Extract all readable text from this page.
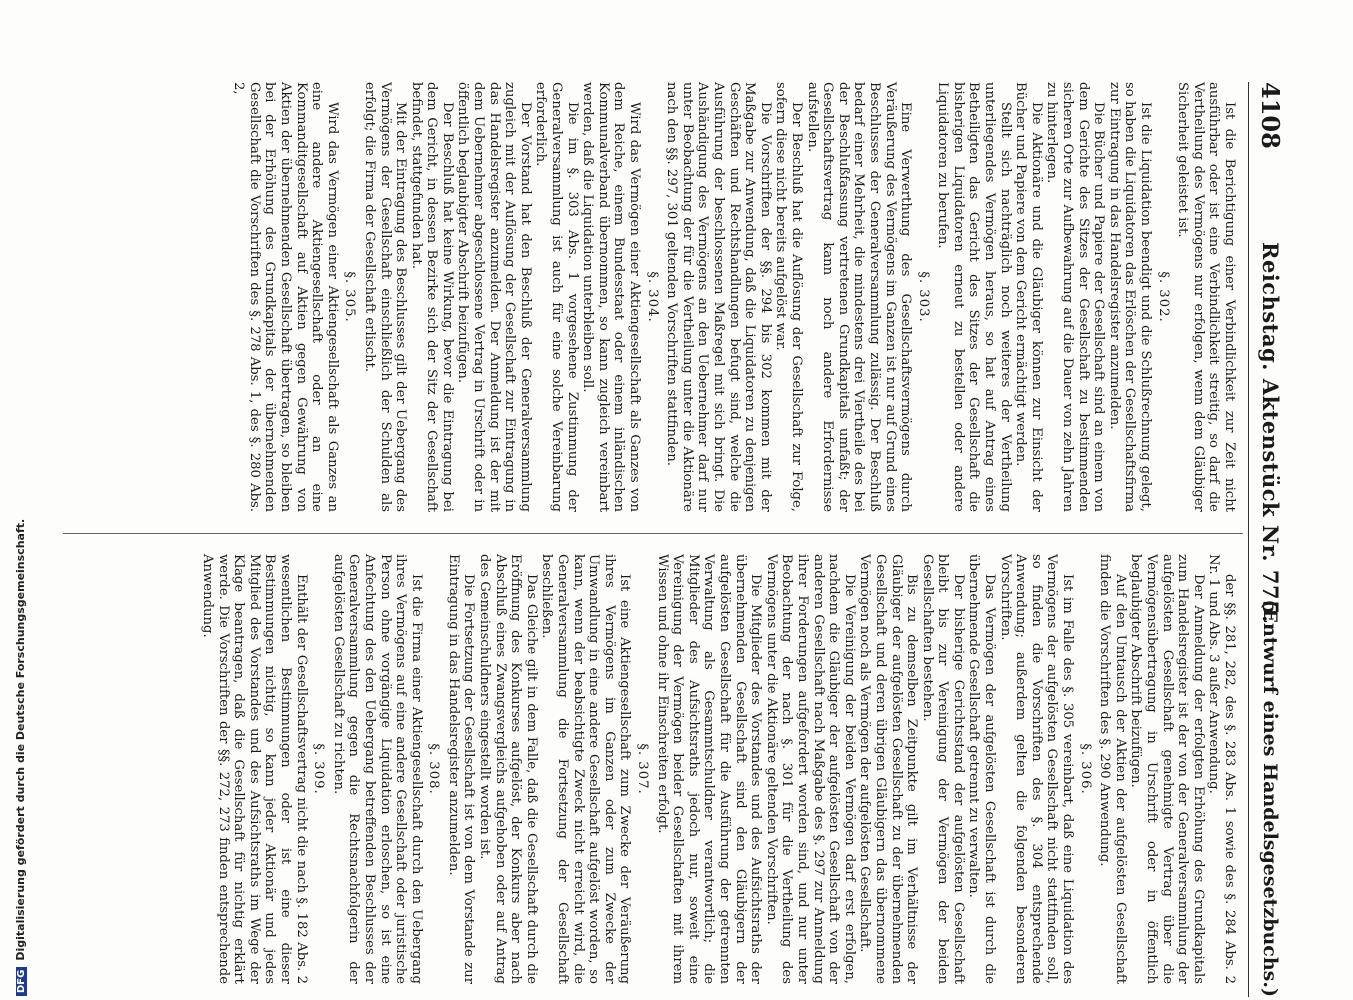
4108
Reichstag. Aktenstück Nr. 775.
(Entwurf eines Handelsgesetzbuchs.)

Ist die Berichtigung einer Verbindlichkeit zur Zeit nicht ausführbar oder ist eine Verbindlichkeit streitig, so darf die Vertheilung des Vermögens nur erfolgen, wenn dem Gläubiger Sicherheit geleistet ist.

§. 302.

Ist die Liquidation beendigt und die Schlußrechnung gelegt, so haben die Liquidatoren das Erlöschen der Gesellschaftsfirma zur Eintragung in das Handelsregister anzumelden.

Die Bücher und Papiere der Gesellschaft sind an einem von dem Gerichte des Sitzes der Gesellschaft zu bestimmenden sicheren Orte zur Aufbewahrung auf die Dauer von zehn Jahren zu hinterlegen.

Die Aktionäre und die Gläubiger können zur Einsicht der Bücher und Papiere von dem Gericht ermächtigt werden.

Stellt sich nachträglich noch weiteres der Vertheilung unterliegendes Vermögen heraus, so hat auf Antrag eines Betheiligten das Gericht des Sitzes der Gesellschaft die bisherigen Liquidatoren erneut zu bestellen oder andere Liquidatoren zu berufen.

§. 303.

Eine Verwerthung des Gesellschaftsvermögens durch Veräußerung des Vermögens im Ganzen ist nur auf Grund eines Beschlusses der Generalversammlung zulässig. Der Beschluß bedarf einer Mehrheit, die mindestens drei Viertheile des bei der Beschlußfassung vertretenen Grundkapitals umfaßt; der Gesellschaftsvertrag kann noch andere Erfordernisse aufstellen.

Der Beschluß hat die Auflösung der Gesellschaft zur Folge, sofern diese nicht bereits aufgelöst war.

Die Vorschriften der §§. 294 bis 302 kommen mit der Maßgabe zur Anwendung, daß die Liquidatoren zu denjenigen Geschäften und Rechtshandlungen befugt sind, welche die Ausführung der beschlossenen Maßregel mit sich bringt. Die Aushändigung des Vermögens an den Uebernehmer darf nur unter Beobachtung der für die Vertheilung unter die Aktionäre nach den §§. 297, 301 geltenden Vorschriften stattfinden.

§. 304.

Wird das Vermögen einer Aktiengesellschaft als Ganzes von dem Reiche, einem Bundesstaat oder einem inländischen Kommunalverband übernommen, so kann zugleich vereinbart werden, daß die Liquidation unterbleiben soll.

Die im §. 303 Abs. 1 vorgesehene Zustimmung der Generalversammlung ist auch für eine solche Vereinbarung erforderlich.

Der Vorstand hat den Beschluß der Generalversammlung zugleich mit der Auflösung der Gesellschaft zur Eintragung in das Handelsregister anzumelden. Der Anmeldung ist der mit dem Uebernehmer abgeschlossene Vertrag in Urschrift oder in öffentlich beglaubigter Abschrift beizufügen.

Der Beschluß hat keine Wirkung, bevor die Eintragung bei dem Gericht, in dessen Bezirke sich der Sitz der Gesellschaft befindet, stattgefunden hat.

Mit der Eintragung des Beschlusses gilt der Uebergang des Vermögens der Gesellschaft einschließlich der Schulden als erfolgt; die Firma der Gesellschaft erlischt.

§. 305.

Wird das Vermögen einer Aktiengesellschaft als Ganzes an eine andere Aktiengesellschaft oder an eine Kommanditgesellschaft auf Aktien gegen Gewährung von Aktien der übernehmenden Gesellschaft übertragen, so bleiben bei der Erhöhung des Grundkapitals der übernehmenden Gesellschaft die Vorschriften des §. 278 Abs. 1, des §. 280 Abs. 2,

der §§. 281, 282, des §. 283 Abs. 1 sowie des §. 284 Abs. 2 Nr. 1 und Abs. 3 außer Anwendung.

Der Anmeldung der erfolgten Erhöhung des Grundkapitals zum Handelsregister ist der von der Generalversammlung der aufgelösten Gesellschaft genehmigte Vertrag über die Vermögensübertragung in Urschrift oder in öffentlich beglaubigter Abschrift beizufügen.

Auf den Umtausch der Aktien der aufgelösten Gesellschaft finden die Vorschriften des §. 290 Anwendung.

§. 306.

Ist im Falle des §. 305 vereinbart, daß eine Liquidation des Vermögens der aufgelösten Gesellschaft nicht stattfinden soll, so finden die Vorschriften des §. 304 entsprechende Anwendung; außerdem gelten die folgenden besonderen Vorschriften.

Das Vermögen der aufgelösten Gesellschaft ist durch die übernehmende Gesellschaft getrennt zu verwalten.

Der bisherige Gerichtsstand der aufgelösten Gesellschaft bleibt bis zur Vereinigung der Vermögen der beiden Gesellschaften bestehen.

Bis zu demselben Zeitpunkte gilt im Verhältnisse der Gläubiger der aufgelösten Gesellschaft zu der übernehmenden Gesellschaft und deren übrigen Gläubigern das übernommene Vermögen noch als Vermögen der aufgelösten Gesellschaft.

Die Vereinigung der beiden Vermögen darf erst erfolgen, nachdem die Gläubiger der aufgelösten Gesellschaft von der anderen Gesellschaft nach Maßgabe des §. 297 zur Anmeldung ihrer Forderungen aufgefordert worden sind, und nur unter Beobachtung der nach §. 301 für die Vertheilung des Vermögens unter die Aktionäre geltenden Vorschriften.

Die Mitglieder des Vorstandes und des Aufsichtsraths der übernehmenden Gesellschaft sind den Gläubigern der aufgelösten Gesellschaft für die Ausführung der getrennten Verwaltung als Gesammtschuldner verantwortlich; die Mitglieder des Aufsichtsraths jedoch nur, soweit eine Vereinigung der Vermögen beider Gesellschaften mit ihrem Wissen und ohne ihr Einschreiten erfolgt.

§. 307.

Ist eine Aktiengesellschaft zum Zwecke der Veräußerung ihres Vermögens im Ganzen oder zum Zwecke der Umwandlung in eine andere Gesellschaft aufgelöst worden, so kann, wenn der beabsichtigte Zweck nicht erreicht wird, die Generalversammlung die Fortsetzung der Gesellschaft beschließen.

Das Gleiche gilt in dem Falle, daß die Gesellschaft durch die Eröffnung des Konkurses aufgelöst, der Konkurs aber nach Abschluß eines Zwangsvergleichs aufgehoben oder auf Antrag des Gemeinschuldners eingestellt worden ist.

Die Fortsetzung der Gesellschaft ist von dem Vorstande zur Eintragung in das Handelsregister anzumelden.

§. 308.

Ist die Firma einer Aktiengesellschaft durch den Uebergang ihres Vermögens auf eine andere Gesellschaft oder juristische Person ohne vorgängige Liquidation erloschen, so ist eine Anfechtung des den Uebergang betreffenden Beschlusses der Generalversammlung gegen die Rechtsnachfolgerin der aufgelösten Gesellschaft zu richten.

§. 309.

Enthält der Gesellschaftsvertrag nicht die nach §. 182 Abs. 2 wesentlichen Bestimmungen oder ist eine dieser Bestimmungen nichtig, so kann jeder Aktionär und jedes Mitglied des Vorstandes und des Aufsichtsraths im Wege der Klage beantragen, daß die Gesellschaft für nichtig erklärt werde. Die Vorschriften der §§. 272, 273 finden entsprechende Anwendung.

DFGDigitalisierung gefördert durch die Deutsche Forschungsgemeinschaft.
